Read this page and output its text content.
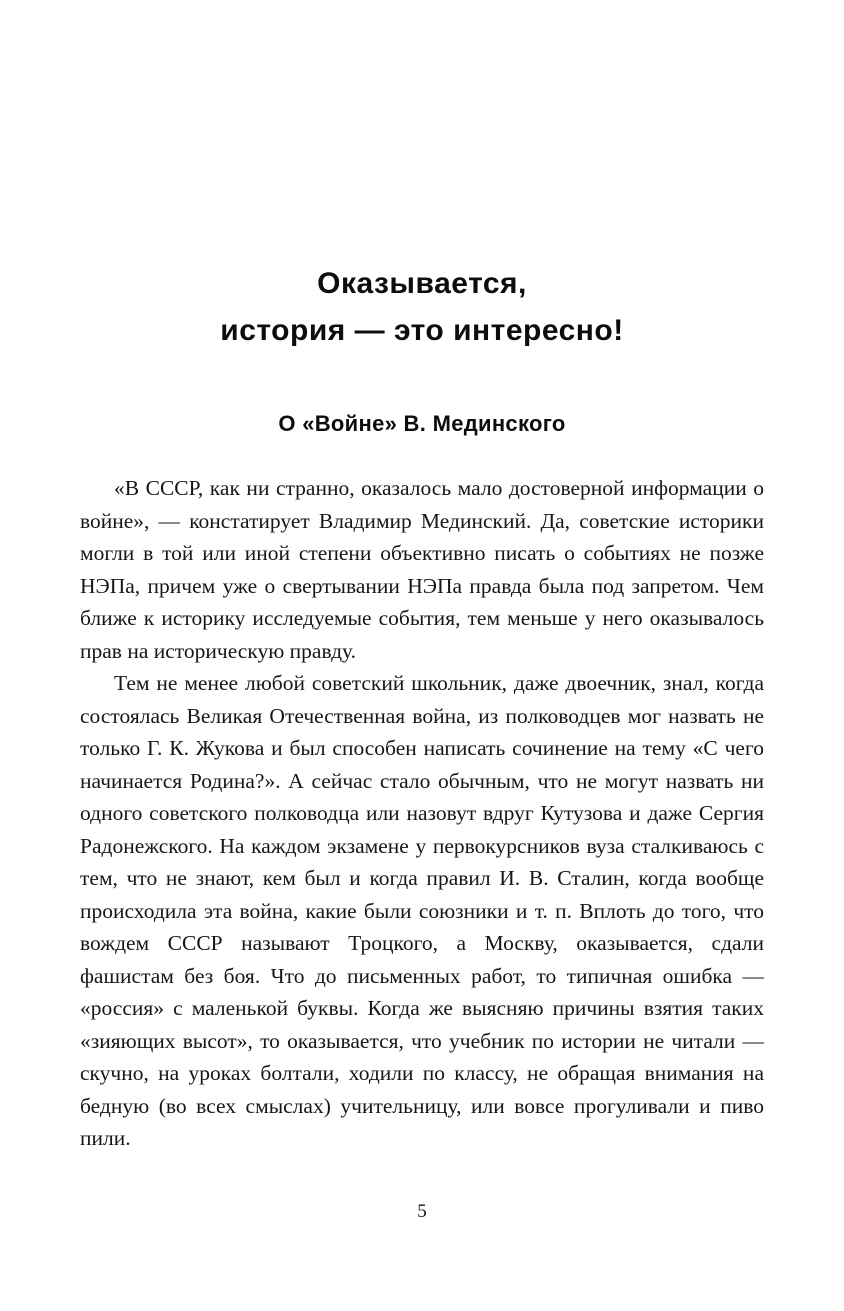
Оказывается,
история — это интересно!
О «Войне» В. Мединского

«В СССР, как ни странно, оказалось мало достоверной информации о войне», — констатирует Владимир Мединский. Да, советские историки могли в той или иной степени объективно писать о событиях не позже НЭПа, причем уже о свертывании НЭПа правда была под запретом. Чем ближе к историку исследуемые события, тем меньше у него оказывалось прав на историческую правду.

Тем не менее любой советский школьник, даже двоечник, знал, когда состоялась Великая Отечественная война, из полководцев мог назвать не только Г. К. Жукова и был способен написать сочинение на тему «С чего начинается Родина?». А сейчас стало обычным, что не могут назвать ни одного советского полководца или назовут вдруг Кутузова и даже Сергия Радонежского. На каждом экзамене у первокурсников вуза сталкиваюсь с тем, что не знают, кем был и когда правил И. В. Сталин, когда вообще происходила эта война, какие были союзники и т. п. Вплоть до того, что вождем СССР называют Троцкого, а Москву, оказывается, сдали фашистам без боя. Что до письменных работ, то типичная ошибка — «россия» с маленькой буквы. Когда же выясняю причины взятия таких «зияющих высот», то оказывается, что учебник по истории не читали — скучно, на уроках болтали, ходили по классу, не обращая внимания на бедную (во всех смыслах) учительницу, или вовсе прогуливали и пиво пили.

5
